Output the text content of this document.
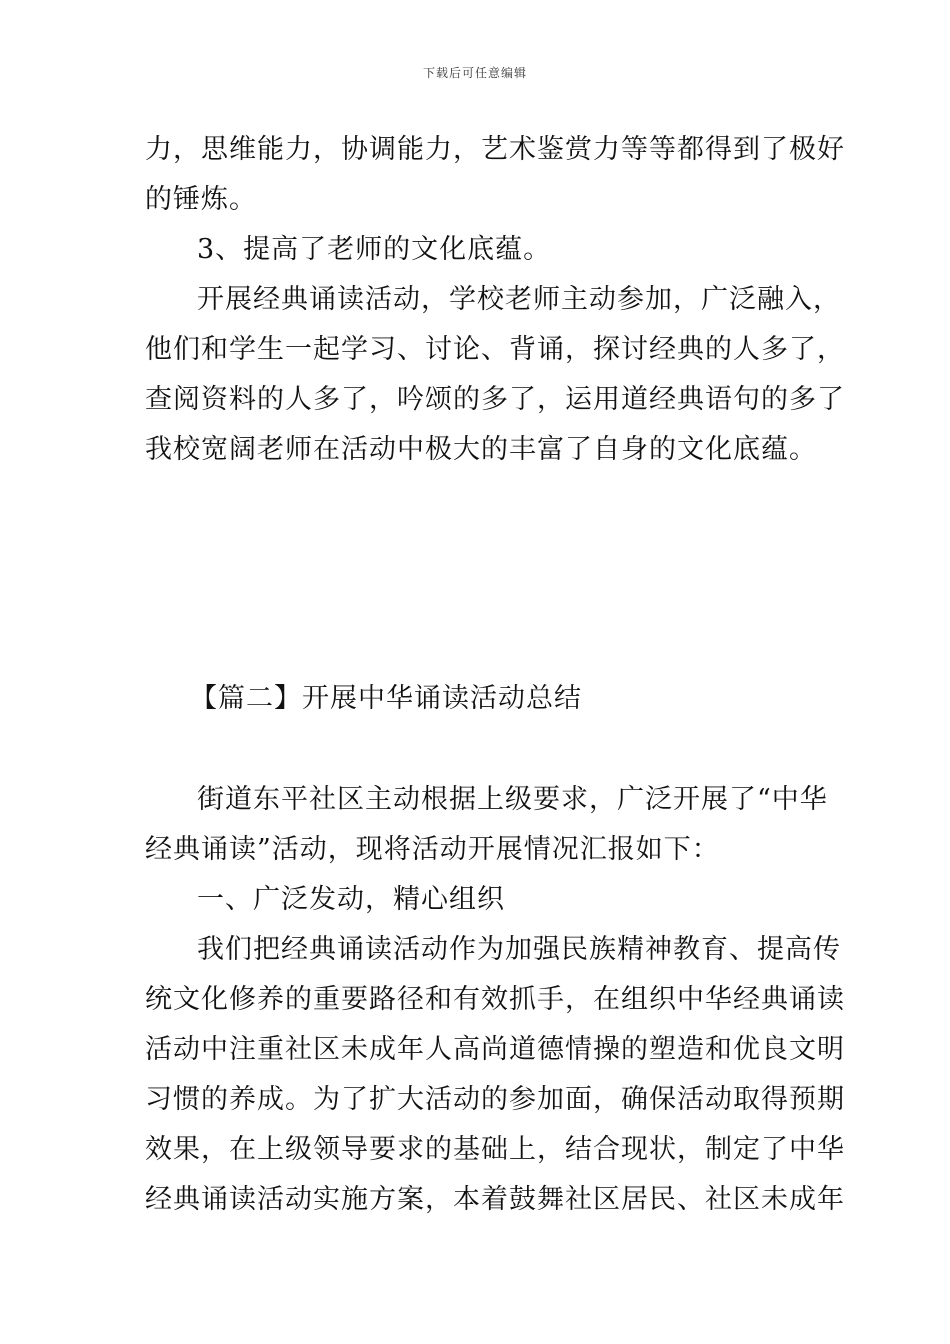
下载后可任意编辑
力，思维能力，协调能力，艺术鉴赏力等等都得到了极好
的锤炼。
3、提高了老师的文化底蕴。
开展经典诵读活动，学校老师主动参加，广泛融入，
他们和学生一起学习、讨论、背诵，探讨经典的人多了，
查阅资料的人多了，吟颂的多了，运用道经典语句的多了
我校宽阔老师在活动中极大的丰富了自身的文化底蕴。
【篇二】开展中华诵读活动总结
街道东平社区主动根据上级要求，广泛开展了“中华
经典诵读”活动，现将活动开展情况汇报如下：
一、广泛发动，精心组织
我们把经典诵读活动作为加强民族精神教育、提高传
统文化修养的重要路径和有效抓手，在组织中华经典诵读
活动中注重社区未成年人高尚道德情操的塑造和优良文明
习惯的养成。为了扩大活动的参加面，确保活动取得预期
效果，在上级领导要求的基础上，结合现状，制定了中华
经典诵读活动实施方案，本着鼓舞社区居民、社区未成年
